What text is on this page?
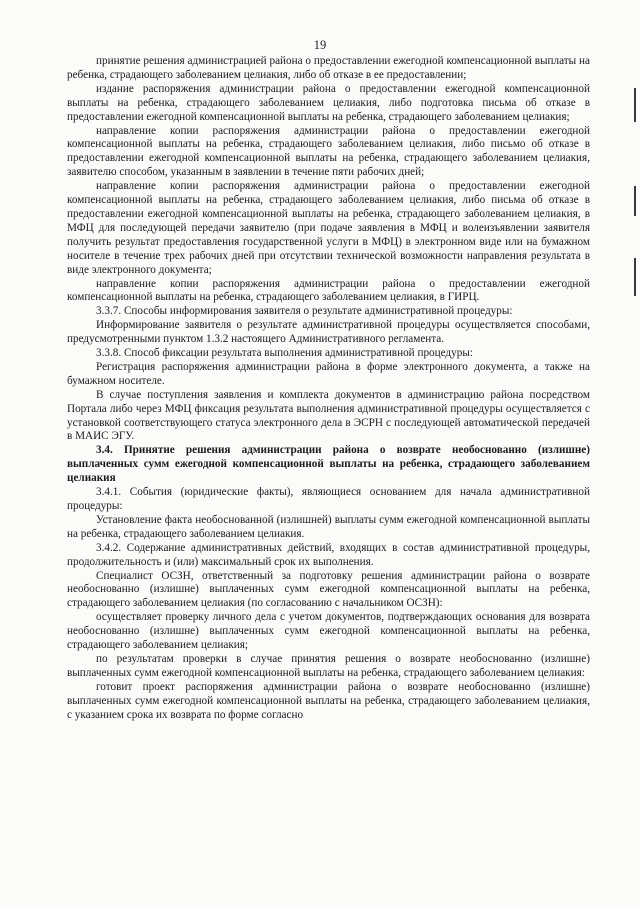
19

принятие решения администрацией района о предоставлении ежегодной компенсационной выплаты на ребенка, страдающего заболеванием целиакия, либо об отказе в ее предоставлении;

издание распоряжения администрации района о предоставлении ежегодной компенсационной выплаты на ребенка, страдающего заболеванием целиакия, либо подготовка письма об отказе в предоставлении ежегодной компенсационной выплаты на ребенка, страдающего заболеванием целиакия;

направление копии распоряжения администрации района о предоставлении ежегодной компенсационной выплаты на ребенка, страдающего заболеванием целиакия, либо письмо об отказе в предоставлении ежегодной компенсационной выплаты на ребенка, страдающего заболеванием целиакия, заявителю способом, указанным в заявлении в течение пяти рабочих дней;

направление копии распоряжения администрации района о предоставлении ежегодной компенсационной выплаты на ребенка, страдающего заболеванием целиакия, либо письма об отказе в предоставлении ежегодной компенсационной выплаты на ребенка, страдающего заболеванием целиакия, в МФЦ для последующей передачи заявителю (при подаче заявления в МФЦ и волеизъявлении заявителя получить результат предоставления государственной услуги в МФЦ) в электронном виде или на бумажном носителе в течение трех рабочих дней при отсутствии технической возможности направления результата в виде электронного документа;

направление копии распоряжения администрации района о предоставлении ежегодной компенсационной выплаты на ребенка, страдающего заболеванием целиакия, в ГИРЦ.

3.3.7. Способы информирования заявителя о результате административной процедуры:

Информирование заявителя о результате административной процедуры осуществляется способами, предусмотренными пунктом 1.3.2 настоящего Административного регламента.

3.3.8. Способ фиксации результата выполнения административной процедуры:

Регистрация распоряжения администрации района в форме электронного документа, а также на бумажном носителе.

В случае поступления заявления и комплекта документов в администрацию района посредством Портала либо через МФЦ фиксация результата выполнения административной процедуры осуществляется с установкой соответствующего статуса электронного дела в ЭСРН с последующей автоматической передачей в МАИС ЭГУ.

3.4. Принятие решения администрации района о возврате необоснованно (излишне) выплаченных сумм ежегодной компенсационной выплаты на ребенка, страдающего заболеванием целиакия

3.4.1. События (юридические факты), являющиеся основанием для начала административной процедуры:

Установление факта необоснованной (излишней) выплаты сумм ежегодной компенсационной выплаты на ребенка, страдающего заболеванием целиакия.

3.4.2. Содержание административных действий, входящих в состав административной процедуры, продолжительность и (или) максимальный срок их выполнения.

Специалист ОСЗН, ответственный за подготовку решения администрации района о возврате необоснованно (излишне) выплаченных сумм ежегодной компенсационной выплаты на ребенка, страдающего заболеванием целиакия (по согласованию с начальником ОСЗН):

осуществляет проверку личного дела с учетом документов, подтверждающих основания для возврата необоснованно (излишне) выплаченных сумм ежегодной компенсационной выплаты на ребенка, страдающего заболеванием целиакия;

по результатам проверки в случае принятия решения о возврате необоснованно (излишне) выплаченных сумм ежегодной компенсационной выплаты на ребенка, страдающего заболеванием целиакия:

готовит проект распоряжения администрации района о возврате необоснованно (излишне) выплаченных сумм ежегодной компенсационной выплаты на ребенка, страдающего заболеванием целиакия, с указанием срока их возврата по форме согласно
